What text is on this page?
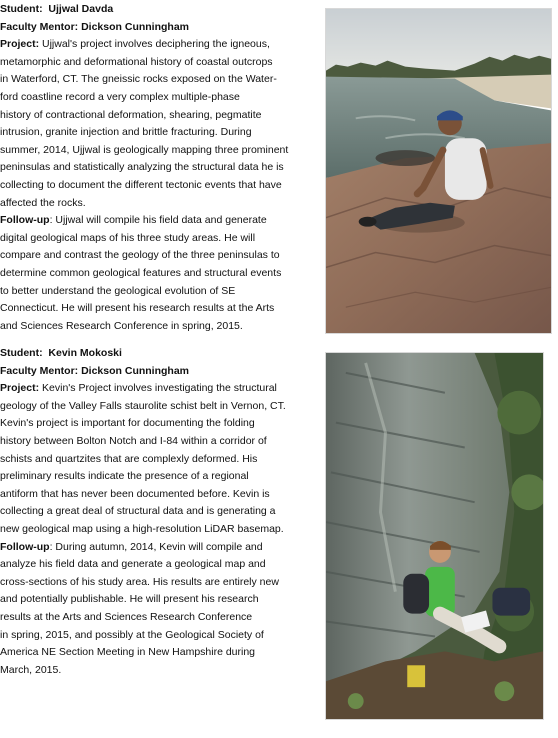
Student: Ujjwal Davda

Faculty Mentor: Dickson Cunningham

Project: Ujjwal's project involves deciphering the igneous,

metamorphic and deformational history of coastal outcrops

in Waterford, CT. The gneissic rocks exposed on the Water-

ford coastline record a very complex multiple-phase

history of contractional deformation, shearing, pegmatite

intrusion, granite injection and brittle fracturing. During

summer, 2014, Ujjwal is geologically mapping three prominent

peninsulas and statistically analyzing the structural data he is

collecting to document the different tectonic events that have

affected the rocks.

Follow-up: Ujjwal will compile his field data and generate

digital geological maps of his three study areas. He will

compare and contrast the geology of the three peninsulas to

determine common geological features and structural events

to better understand the geological evolution of SE

Connecticut. He will present his research results at the Arts

and Sciences Research Conference in spring, 2015.

Student: Kevin Mokoski

Faculty Mentor: Dickson Cunningham

Project: Kevin's Project involves investigating the structural

geology of the Valley Falls staurolite schist belt in Vernon, CT.

Kevin's project is important for documenting the folding

history between Bolton Notch and I-84 within a corridor of

schists and quartzites that are complexly deformed. His

preliminary results indicate the presence of a regional

antiform that has never been documented before. Kevin is

collecting a great deal of structural data and is generating a

new geological map using a high-resolution LiDAR basemap.

Follow-up: During autumn, 2014, Kevin will compile and

analyze his field data and generate a geological map and

cross-sections of his study area. His results are entirely new

and potentially publishable. He will present his research

results at the Arts and Sciences Research Conference

in spring, 2015, and possibly at the Geological Society of

America NE Section Meeting in New Hampshire during

March, 2015.
